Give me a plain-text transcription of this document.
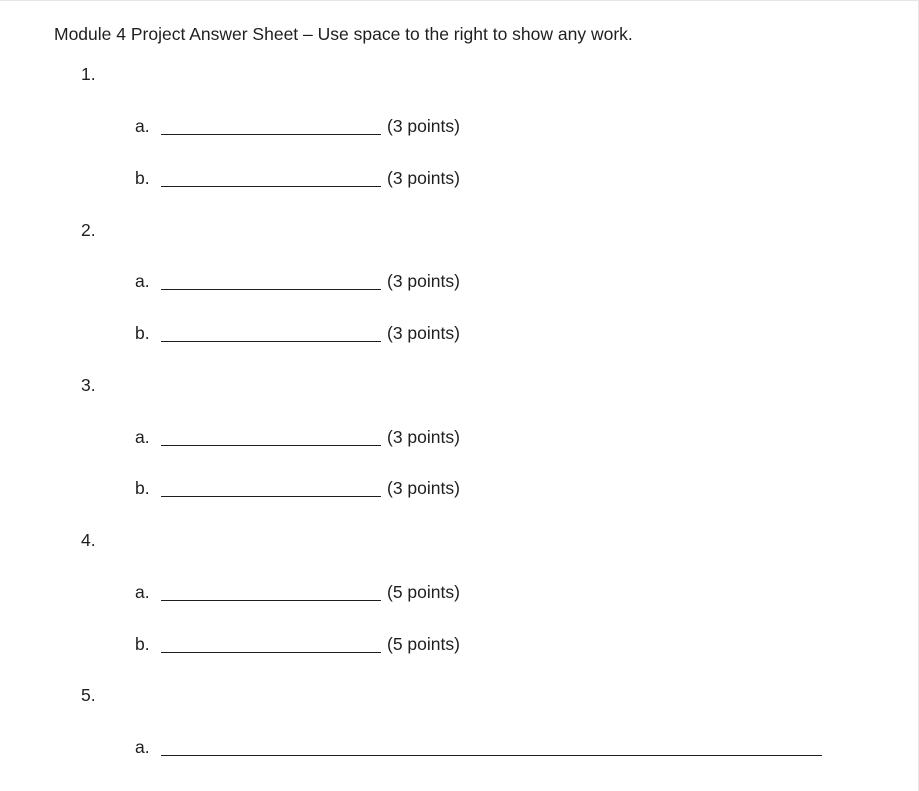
Module 4 Project Answer Sheet – Use space to the right to show any work.
1.
a.	(3 points)
b.	(3 points)
2.
a.	(3 points)
b.	(3 points)
3.
a.	(3 points)
b.	(3 points)
4.
a.	(5 points)
b.	(5 points)
5.
a.
